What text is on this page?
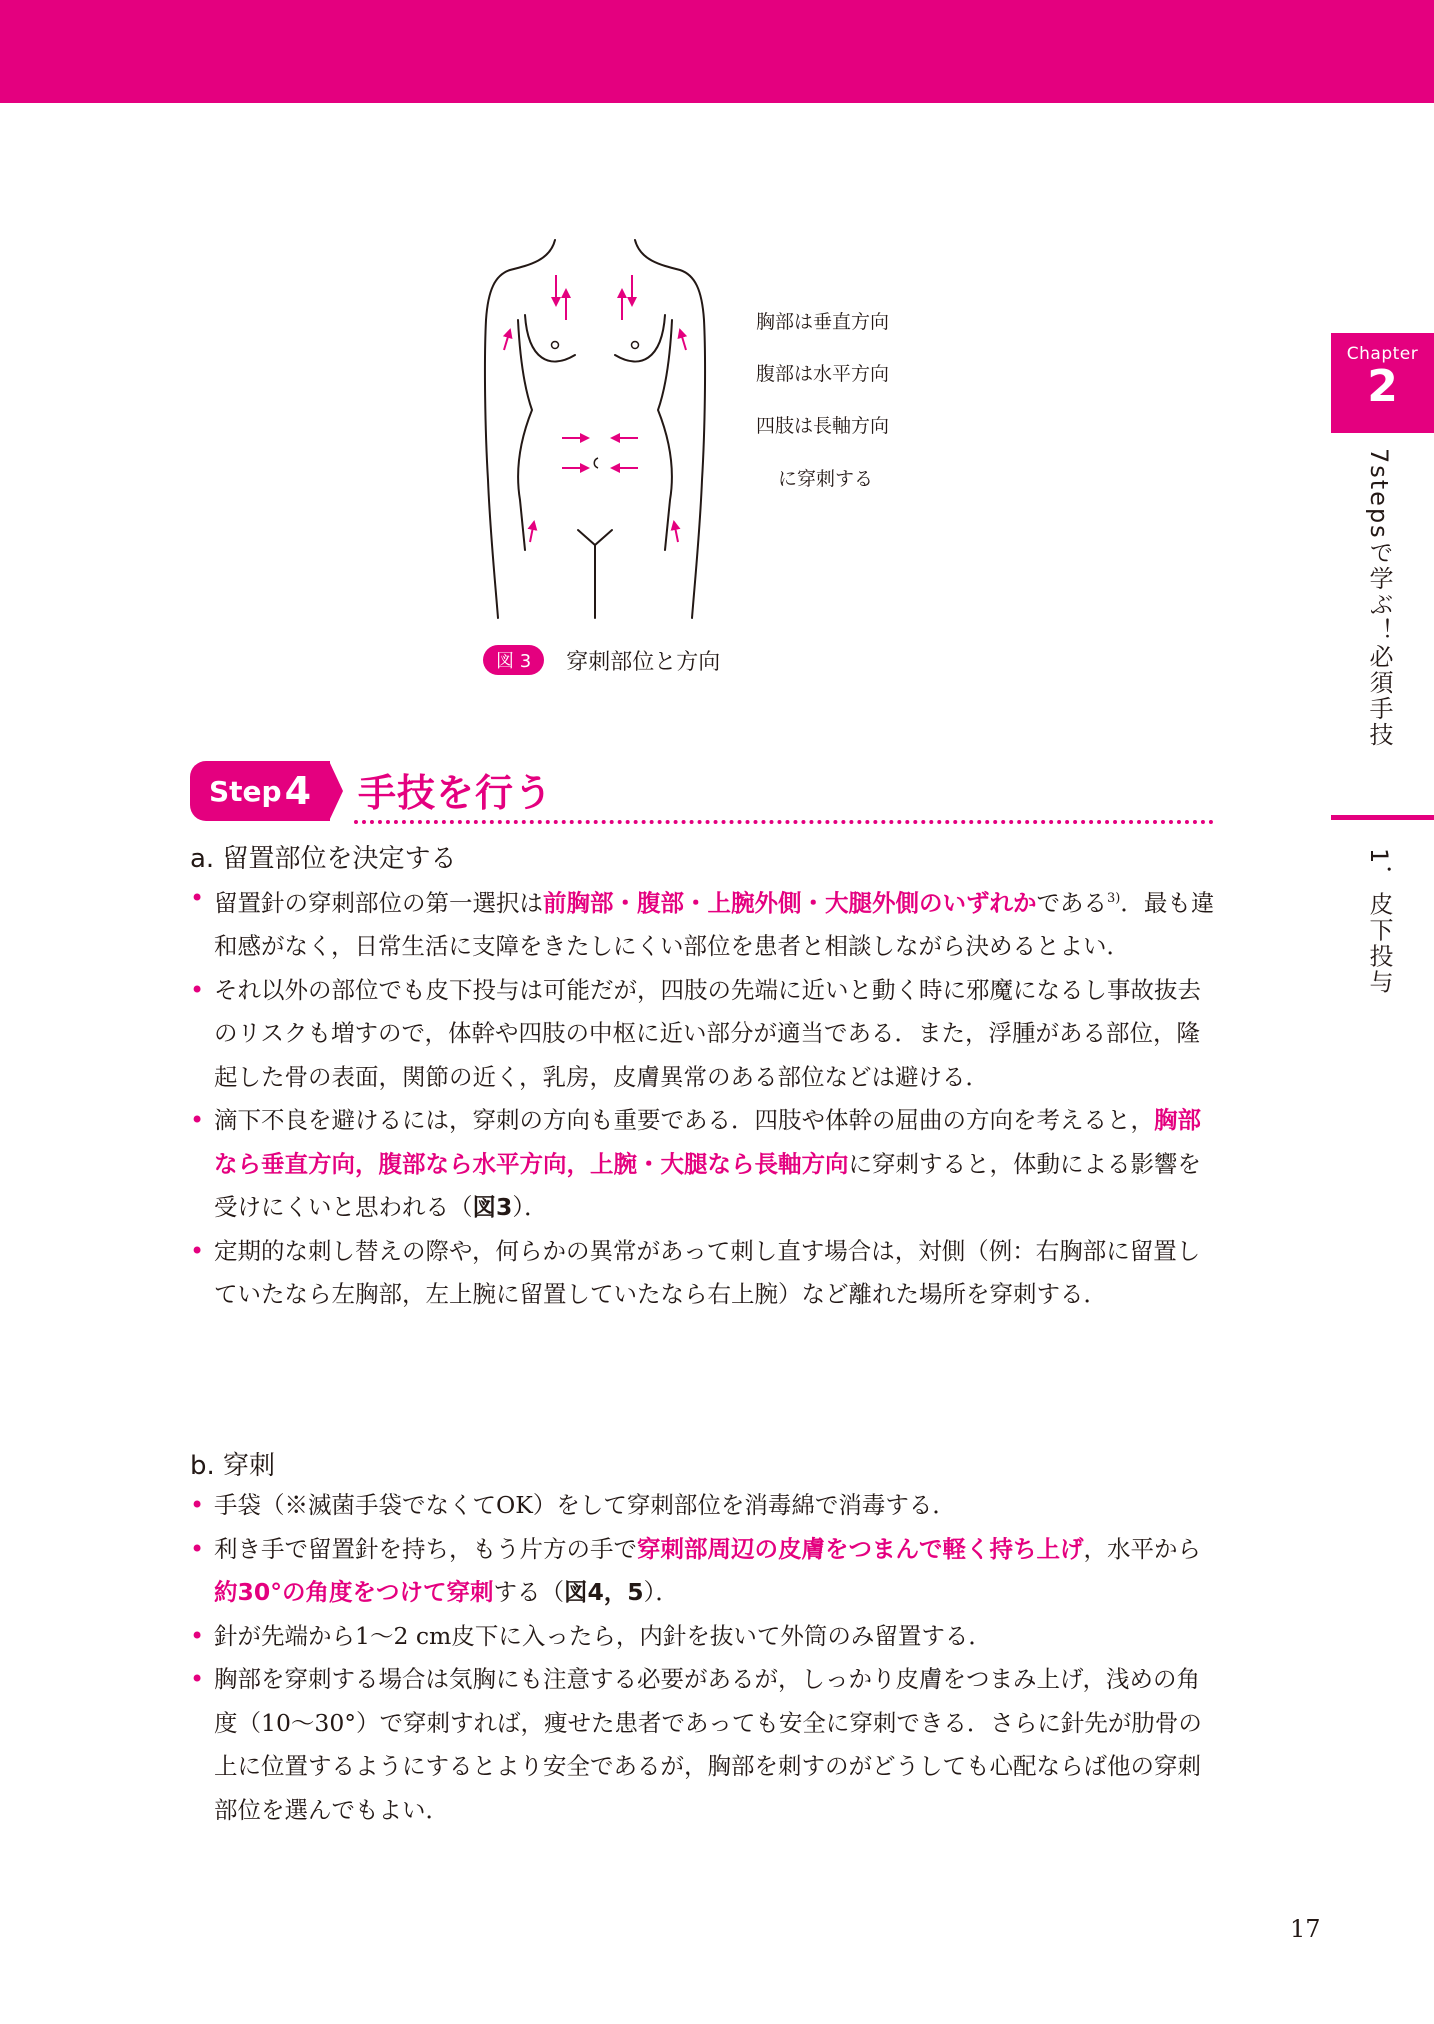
Chapter
2
7stepsで学ぶ！必須手技
1．皮下投与
胸部は垂直方向
腹部は水平方向
四肢は長軸方向
に穿刺する
図 3	穿刺部位と方向
Step 4 手技を行う
a. 留置部位を決定する
• 留置針の穿刺部位の第一選択は前胸部・腹部・上腕外側・大腿外側のいずれかである$^{3)}$．最も違和感がなく，日常生活に支障をきたしにくい部位を患者と相談しながら決めるとよい．
• それ以外の部位でも皮下投与は可能だが，四肢の先端に近いと動く時に邪魔になるし事故抜去のリスクも増すので，体幹や四肢の中枢に近い部分が適当である．また，浮腫がある部位，隆起した骨の表面，関節の近く，乳房，皮膚異常のある部位などは避ける．
• 滴下不良を避けるには，穿刺の方向も重要である．四肢や体幹の屈曲の方向を考えると，胸部なら垂直方向，腹部なら水平方向，上腕・大腿なら長軸方向に穿刺すると，体動による影響を受けにくいと思われる（図3）．
• 定期的な刺し替えの際や，何らかの異常があって刺し直す場合は，対側（例：右胸部に留置していたなら左胸部，左上腕に留置していたなら右上腕）など離れた場所を穿刺する．
b. 穿刺
• 手袋（※滅菌手袋でなくてOK）をして穿刺部位を消毒綿で消毒する．
• 利き手で留置針を持ち，もう片方の手で穿刺部周辺の皮膚をつまんで軽く持ち上げ，水平から約30°の角度をつけて穿刺する（図4，5）．
• 針が先端から1〜2 cm皮下に入ったら，内針を抜いて外筒のみ留置する．
• 胸部を穿刺する場合は気胸にも注意する必要があるが，しっかり皮膚をつまみ上げ，浅めの角度（10〜30°）で穿刺すれば，痩せた患者であっても安全に穿刺できる．さらに針先が肋骨の上に位置するようにするとより安全であるが，胸部を刺すのがどうしても心配ならば他の穿刺部位を選んでもよい．
17
